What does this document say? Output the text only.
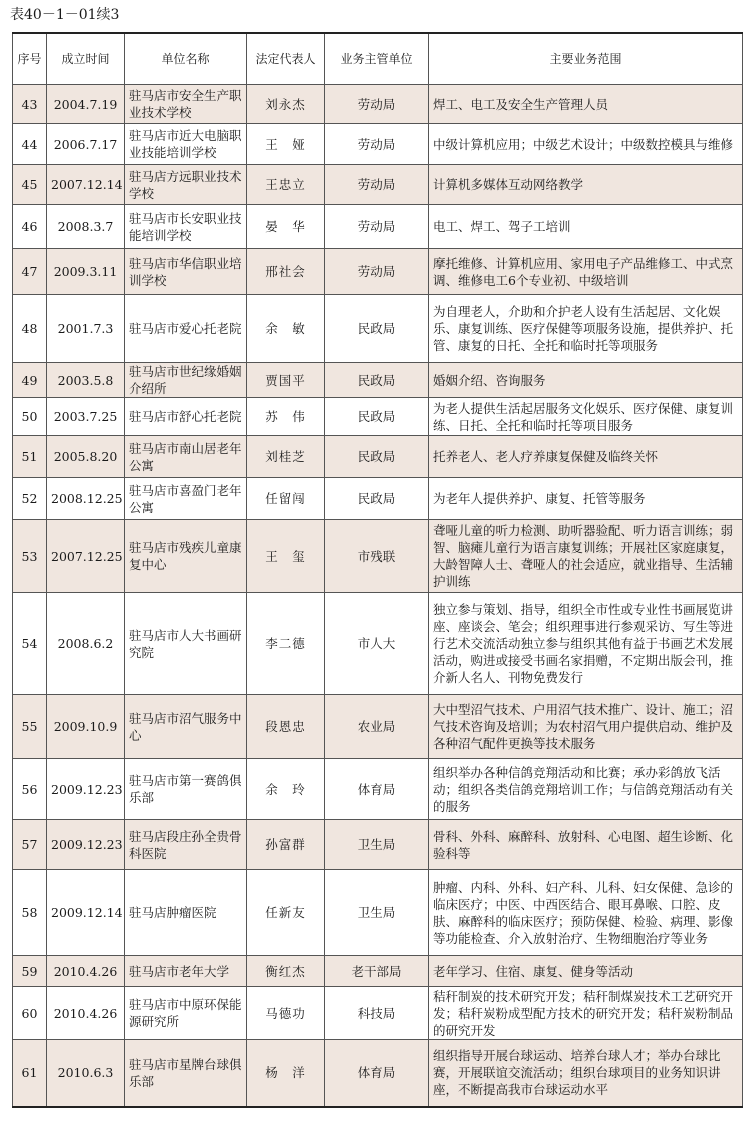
表40－1－01续3
序号	成立时间	单位名称	法定代表人	业务主管单位	主要业务范围
43	2004.7.19	驻马店市安全生产职业技术学校	刘永杰	劳动局	焊工、电工及安全生产管理人员
44	2006.7.17	驻马店市近大电脑职业技能培训学校	王　娅	劳动局	中级计算机应用；中级艺术设计；中级数控模具与维修
45	2007.12.14	驻马店方远职业技术学校	王忠立	劳动局	计算机多媒体互动网络教学
46	2008.3.7	驻马店市长安职业技能培训学校	晏　华	劳动局	电工、焊工、驾子工培训
47	2009.3.11	驻马店市华信职业培训学校	邢社会	劳动局	摩托维修、计算机应用、家用电子产品维修工、中式烹调、维修电工6个专业初、中级培训
48	2001.7.3	驻马店市爱心托老院	余　敏	民政局	为自理老人，介助和介护老人设有生活起居、文化娱乐、康复训练、医疗保健等项服务设施，提供养护、托管、康复的日托、全托和临时托等项服务
49	2003.5.8	驻马店市世纪缘婚姻介绍所	贾国平	民政局	婚姻介绍、咨询服务
50	2003.7.25	驻马店市舒心托老院	苏　伟	民政局	为老人提供生活起居服务文化娱乐、医疗保健、康复训练、日托、全托和临时托等项目服务
51	2005.8.20	驻马店市南山居老年公寓	刘桂芝	民政局	托养老人、老人疗养康复保健及临终关怀
52	2008.12.25	驻马店市喜盈门老年公寓	任留闯	民政局	为老年人提供养护、康复、托管等服务
53	2007.12.25	驻马店市残疾儿童康复中心	王　玺	市残联	聋哑儿童的听力检测、助听器验配、听力语言训练；弱智、脑瘫儿童行为语言康复训练；开展社区家庭康复，大龄智障人士、聋哑人的社会适应，就业指导、生活辅护训练
54	2008.6.2	驻马店市人大书画研究院	李二德	市人大	独立参与策划、指导，组织全市性或专业性书画展览讲座、座谈会、笔会；组织理事进行参观采访、写生等进行艺术交流活动独立参与组织其他有益于书画艺术发展活动，购进或接受书画名家捐赠，不定期出版会刊，推介新人名人、刊物免费发行
55	2009.10.9	驻马店市沼气服务中心	段恩忠	农业局	大中型沼气技术、户用沼气技术推广、设计、施工；沼气技术咨询及培训；为农村沼气用户提供启动、维护及各种沼气配件更换等技术服务
56	2009.12.23	驻马店市第一赛鸽俱乐部	余　玲	体育局	组织举办各种信鸽竞翔活动和比赛；承办彩鸽放飞活动；组织各类信鸽竞翔培训工作；与信鸽竞翔活动有关的服务
57	2009.12.23	驻马店段庄孙全贵骨科医院	孙富群	卫生局	骨科、外科、麻醉科、放射科、心电图、超生诊断、化验科等
58	2009.12.14	驻马店肿瘤医院	任新友	卫生局	肿瘤、内科、外科、妇产科、儿科、妇女保健、急诊的临床医疗；中医、中西医结合、眼耳鼻喉、口腔、皮肤、麻醉科的临床医疗；预防保健、检验、病理、影像等功能检查、介入放射治疗、生物细胞治疗等业务
59	2010.4.26	驻马店市老年大学	衡红杰	老干部局	老年学习、住宿、康复、健身等活动
60	2010.4.26	驻马店市中原环保能源研究所	马德功	科技局	秸秆制炭的技术研究开发；秸秆制煤炭技术工艺研究开发；秸秆炭粉成型配方技术的研究开发；秸秆炭粉制品的研究开发
61	2010.6.3	驻马店市星牌台球俱乐部	杨　洋	体育局	组织指导开展台球运动、培养台球人才；举办台球比赛，开展联谊交流活动；组织台球项目的业务知识讲座，不断提高我市台球运动水平
